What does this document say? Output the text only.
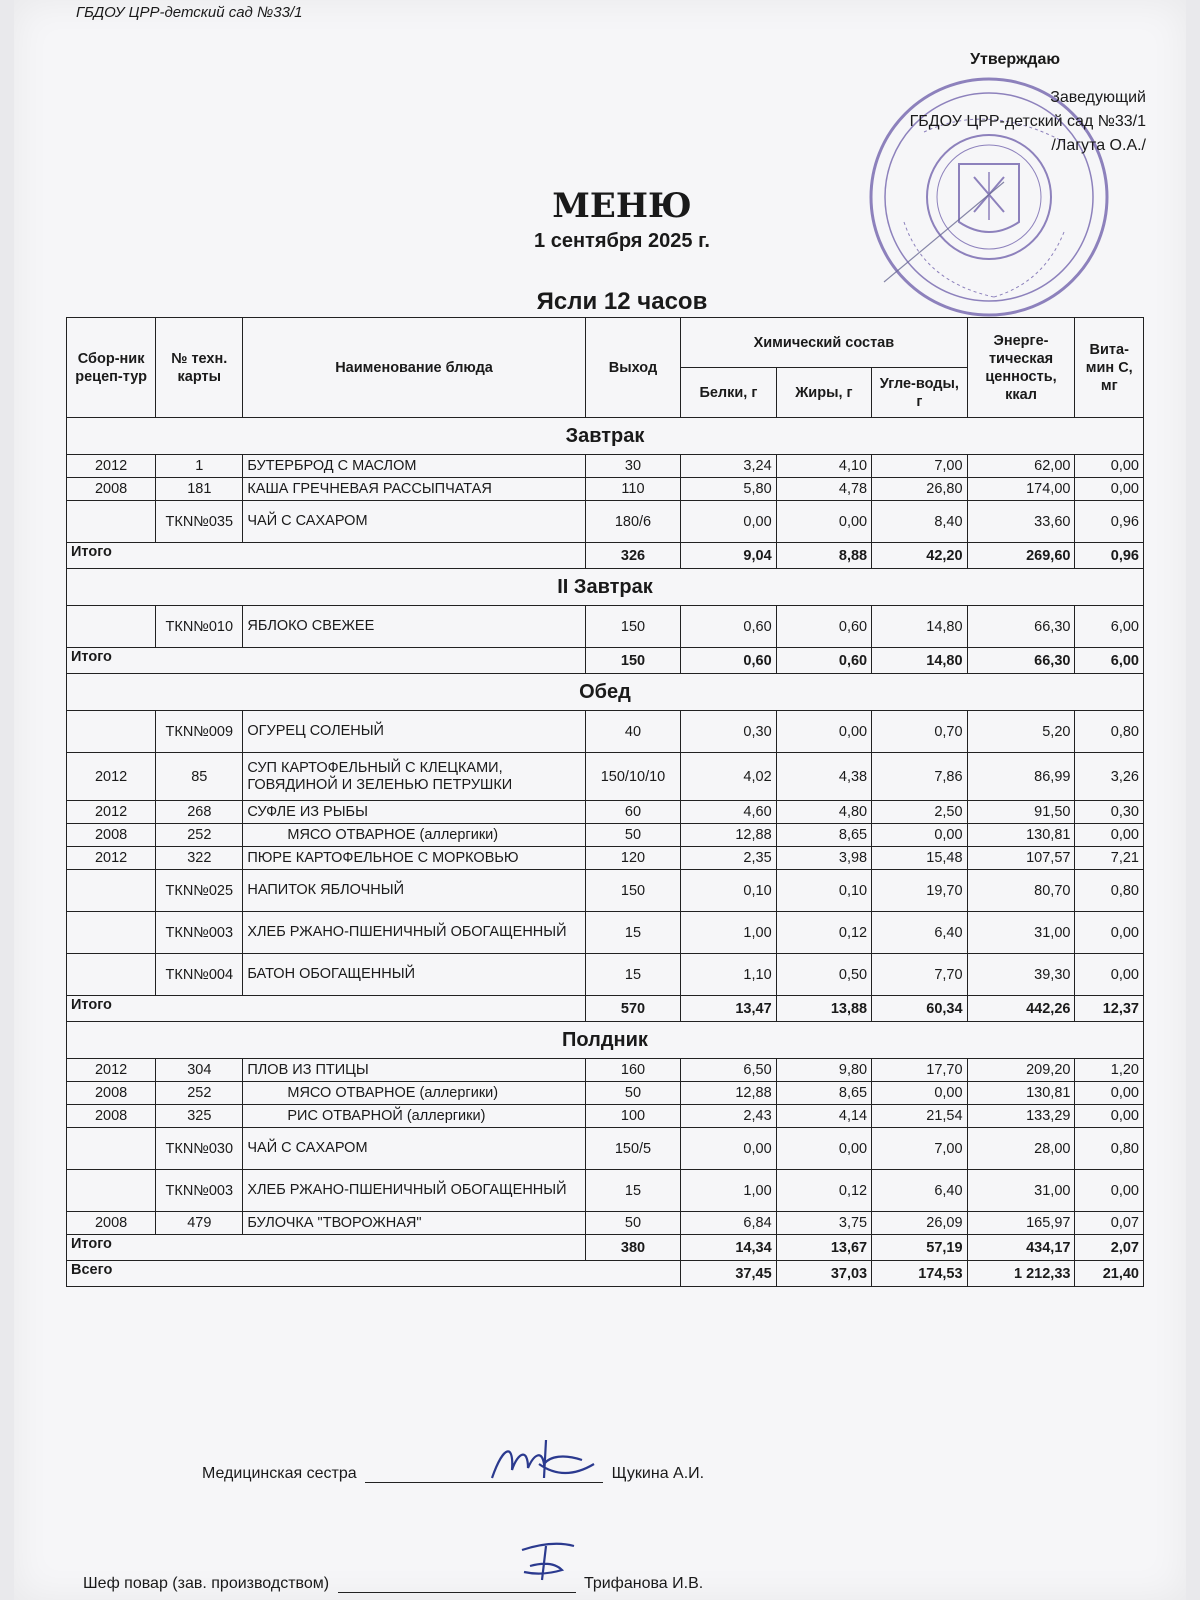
ГБДОУ ЦРР-детский сад №33/1
Утверждаю
Заведующий
ГБДОУ ЦРР-детский сад №33/1
/Лагута О.А./
МЕНЮ
1 сентября 2025 г.
Ясли 12 часов
Сбор-ник рецеп-тур	№ техн. карты	Наименование блюда	Выход	Химический состав			Энерге-тическая ценность, ккал	Вита-мин С, мг
				Белки, г	Жиры, г	Угле-воды, г		
Завтрак								
2012	1	БУТЕРБРОД С МАСЛОМ	30	3,24	4,10	7,00	62,00	0,00
2008	181	КАША ГРЕЧНЕВАЯ РАССЫПЧАТАЯ	110	5,80	4,78	26,80	174,00	0,00
	ТКN№035	ЧАЙ С САХАРОМ	180/6	0,00	0,00	8,40	33,60	0,96
Итого			326	9,04	8,88	42,20	269,60	0,96
II Завтрак								
	ТКN№010	ЯБЛОКО СВЕЖЕЕ	150	0,60	0,60	14,80	66,30	6,00
Итого			150	0,60	0,60	14,80	66,30	6,00
Обед								
	ТКN№009	ОГУРЕЦ СОЛЕНЫЙ	40	0,30	0,00	0,70	5,20	0,80
2012	85	СУП КАРТОФЕЛЬНЫЙ С КЛЕЦКАМИ, ГОВЯДИНОЙ И ЗЕЛЕНЬЮ ПЕТРУШКИ	150/10/10	4,02	4,38	7,86	86,99	3,26
2012	268	СУФЛЕ ИЗ РЫБЫ	60	4,60	4,80	2,50	91,50	0,30
2008	252	МЯСО ОТВАРНОЕ (аллергики)	50	12,88	8,65	0,00	130,81	0,00
2012	322	ПЮРЕ КАРТОФЕЛЬНОЕ С МОРКОВЬЮ	120	2,35	3,98	15,48	107,57	7,21
	ТКN№025	НАПИТОК ЯБЛОЧНЫЙ	150	0,10	0,10	19,70	80,70	0,80
	ТКN№003	ХЛЕБ РЖАНО-ПШЕНИЧНЫЙ ОБОГАЩЕННЫЙ	15	1,00	0,12	6,40	31,00	0,00
	ТКN№004	БАТОН ОБОГАЩЕННЫЙ	15	1,10	0,50	7,70	39,30	0,00
Итого			570	13,47	13,88	60,34	442,26	12,37
Полдник								
2012	304	ПЛОВ ИЗ ПТИЦЫ	160	6,50	9,80	17,70	209,20	1,20
2008	252	МЯСО ОТВАРНОЕ (аллергики)	50	12,88	8,65	0,00	130,81	0,00
2008	325	РИС ОТВАРНОЙ (аллергики)	100	2,43	4,14	21,54	133,29	0,00
	ТКN№030	ЧАЙ С САХАРОМ	150/5	0,00	0,00	7,00	28,00	0,80
	ТКN№003	ХЛЕБ РЖАНО-ПШЕНИЧНЫЙ ОБОГАЩЕННЫЙ	15	1,00	0,12	6,40	31,00	0,00
2008	479	БУЛОЧКА "ТВОРОЖНАЯ"	50	6,84	3,75	26,09	165,97	0,07
Итого			380	14,34	13,67	57,19	434,17	2,07
Всего				37,45	37,03	174,53	1 212,33	21,40
Медицинская сестра	Щукина А.И.
Шеф повар (зав. производством)	Трифанова И.В.
